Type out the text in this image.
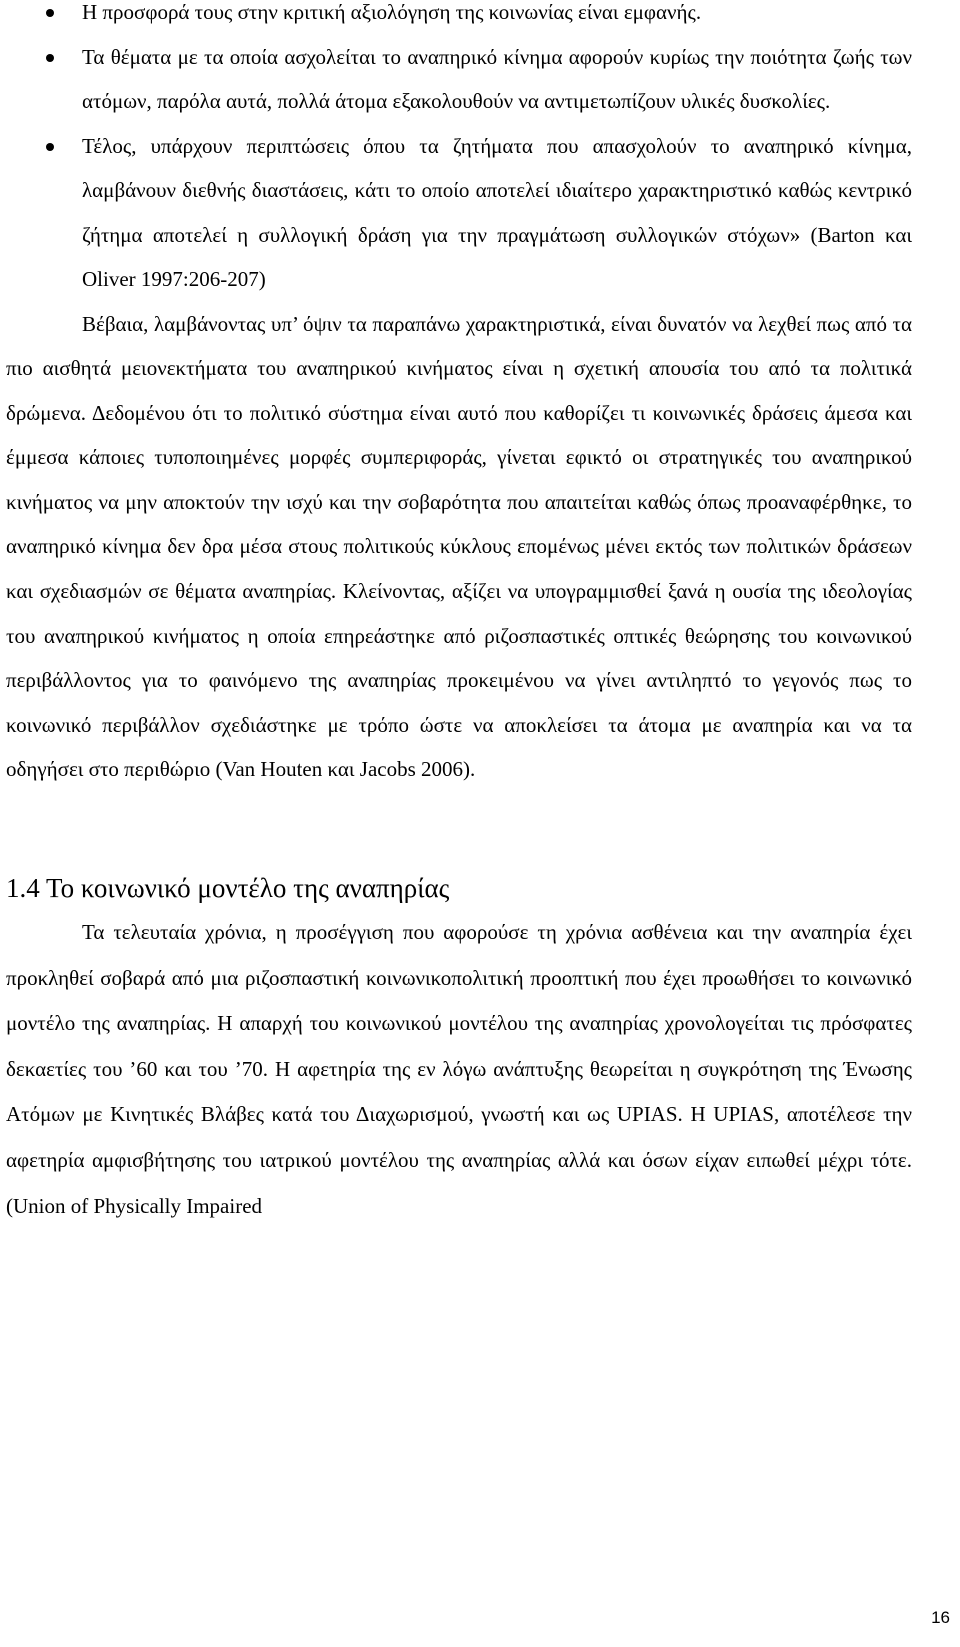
Η προσφορά τους στην κριτική αξιολόγηση της κοινωνίας είναι εμφανής.
Τα θέματα με τα οποία ασχολείται το αναπηρικό κίνημα αφορούν κυρίως την ποιότητα ζωής των ατόμων, παρόλα αυτά, πολλά άτομα εξακολουθούν να αντιμετωπίζουν υλικές δυσκολίες.
Τέλος, υπάρχουν περιπτώσεις όπου τα ζητήματα που απασχολούν το αναπηρικό κίνημα, λαμβάνουν διεθνής διαστάσεις, κάτι το οποίο αποτελεί ιδιαίτερο χαρακτηριστικό καθώς κεντρικό ζήτημα αποτελεί η συλλογική δράση για την πραγμάτωση συλλογικών στόχων» (Barton και Oliver 1997:206-207)

Βέβαια, λαμβάνοντας υπ’ όψιν τα παραπάνω χαρακτηριστικά, είναι δυνατόν να λεχθεί πως από τα πιο αισθητά μειονεκτήματα του αναπηρικού κινήματος είναι η σχετική απουσία του από τα πολιτικά δρώμενα. Δεδομένου ότι το πολιτικό σύστημα είναι αυτό που καθορίζει τι κοινωνικές δράσεις άμεσα και έμμεσα κάποιες τυποποιημένες μορφές συμπεριφοράς, γίνεται εφικτό οι στρατηγικές του αναπηρικού κινήματος να μην αποκτούν την ισχύ και την σοβαρότητα που απαιτείται καθώς όπως προαναφέρθηκε, το αναπηρικό κίνημα δεν δρα μέσα στους πολιτικούς κύκλους επομένως μένει εκτός των πολιτικών δράσεων και σχεδιασμών σε θέματα αναπηρίας. Κλείνοντας, αξίζει να υπογραμμισθεί ξανά η ουσία της ιδεολογίας του αναπηρικού κινήματος η οποία επηρεάστηκε από ριζοσπαστικές οπτικές θεώρησης του κοινωνικού περιβάλλοντος για το φαινόμενο της αναπηρίας προκειμένου να γίνει αντιληπτό το γεγονός πως το κοινωνικό περιβάλλον σχεδιάστηκε με τρόπο ώστε να αποκλείσει τα άτομα με αναπηρία και να τα οδηγήσει στο περιθώριο (Van Houten και Jacobs 2006).

1.4 Το κοινωνικό μοντέλο της αναπηρίας

Τα τελευταία χρόνια, η προσέγγιση που αφορούσε τη χρόνια ασθένεια και την αναπηρία έχει προκληθεί σοβαρά από μια ριζοσπαστική κοινωνικοπολιτική προοπτική που έχει προωθήσει το κοινωνικό μοντέλο της αναπηρίας. Η απαρχή του κοινωνικού μοντέλου της αναπηρίας χρονολογείται τις πρόσφατες δεκαετίες του ’60 και του ’70. Η αφετηρία της εν λόγω ανάπτυξης θεωρείται η συγκρότηση της Ένωσης Ατόμων με Κινητικές Βλάβες κατά του Διαχωρισμού, γνωστή και ως UPIAS. Η UPIAS, αποτέλεσε την αφετηρία αμφισβήτησης του ιατρικού μοντέλου της αναπηρίας αλλά και όσων είχαν ειπωθεί μέχρι τότε. (Union of Physically Impaired

16
